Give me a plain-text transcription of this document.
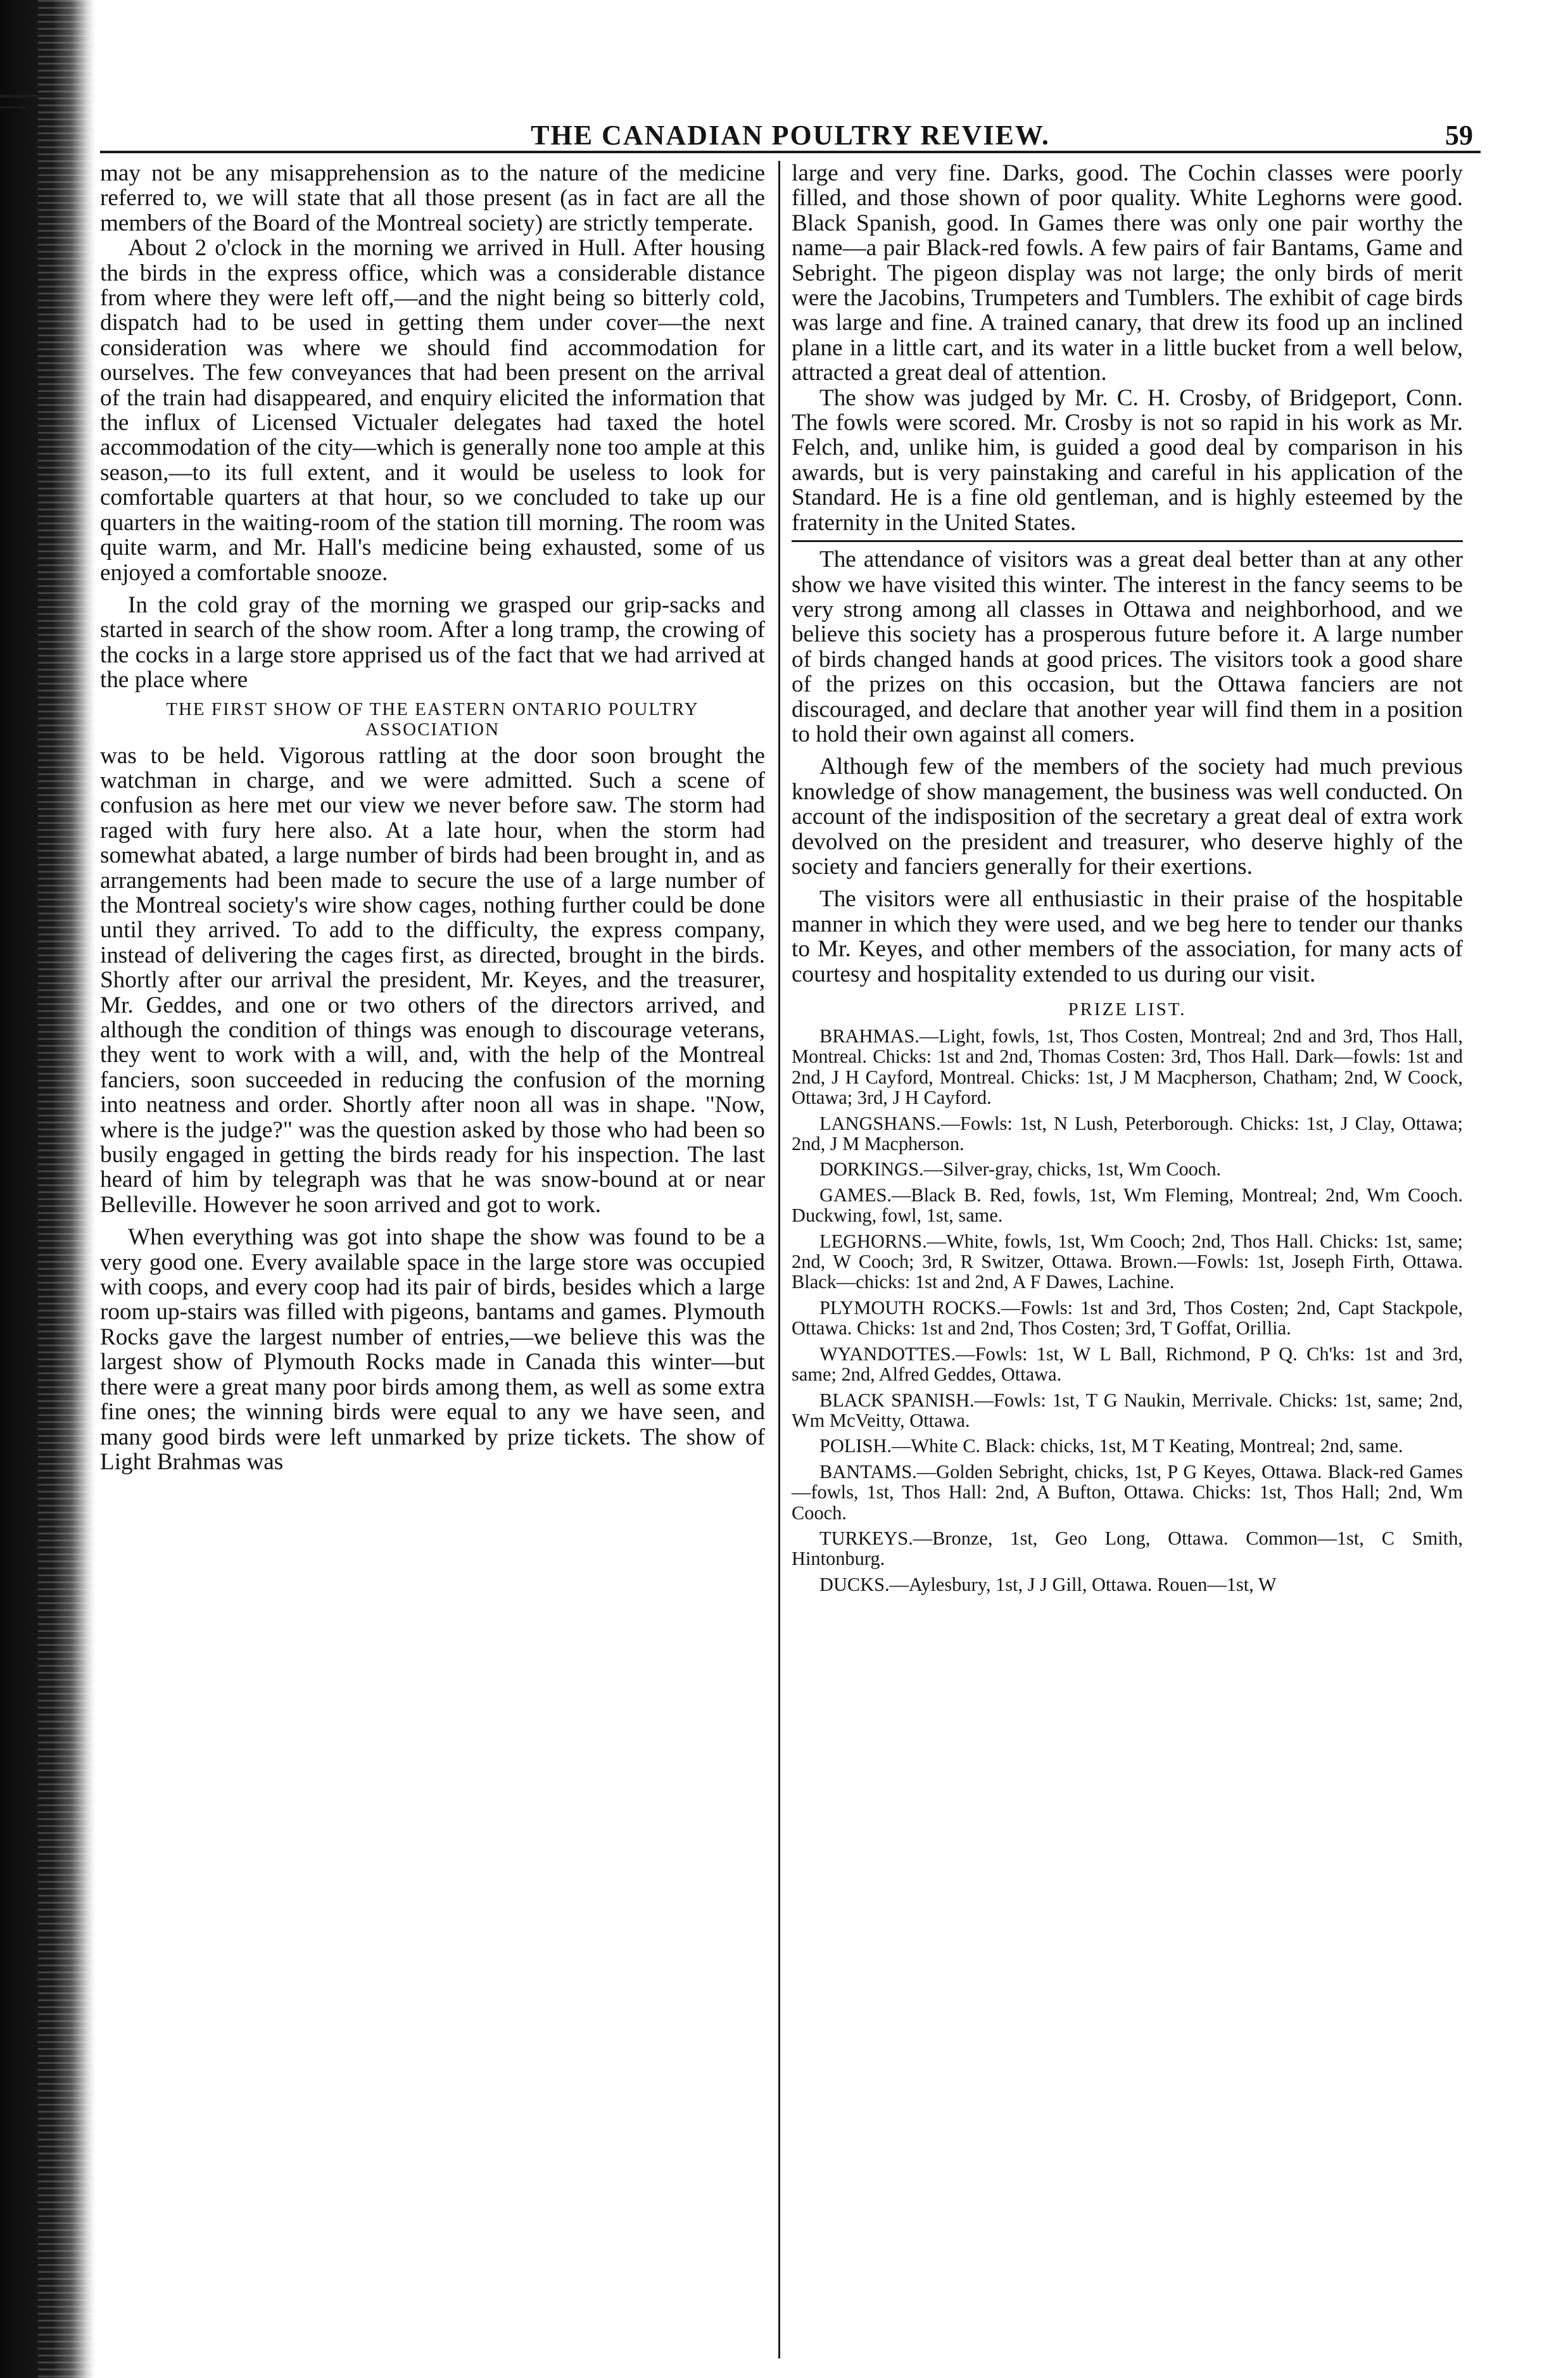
THE CANADIAN POULTRY REVIEW.	59

may not be any misapprehension as to the nature of the medicine referred to, we will state that all those present (as in fact are all the members of the Board of the Montreal society) are strictly temperate.

About 2 o'clock in the morning we arrived in Hull. After housing the birds in the express office, which was a considerable distance from where they were left off,—and the night being so bitterly cold, dispatch had to be used in getting them under cover—the next consideration was where we should find accommodation for ourselves. The few conveyances that had been present on the arrival of the train had disappeared, and enquiry elicited the information that the influx of Licensed Victualer delegates had taxed the hotel accommodation of the city—which is generally none too ample at this season,—to its full extent, and it would be useless to look for comfortable quarters at that hour, so we concluded to take up our quarters in the waiting-room of the station till morning. The room was quite warm, and Mr. Hall's medicine being exhausted, some of us enjoyed a comfortable snooze.

In the cold gray of the morning we grasped our grip-sacks and started in search of the show room. After a long tramp, the crowing of the cocks in a large store apprised us of the fact that we had arrived at the place where

THE FIRST SHOW OF THE EASTERN ONTARIO POULTRY ASSOCIATION

was to be held. Vigorous rattling at the door soon brought the watchman in charge, and we were admitted. Such a scene of confusion as here met our view we never before saw. The storm had raged with fury here also. At a late hour, when the storm had somewhat abated, a large number of birds had been brought in, and as arrangements had been made to secure the use of a large number of the Montreal society's wire show cages, nothing further could be done until they arrived. To add to the difficulty, the express company, instead of delivering the cages first, as directed, brought in the birds. Shortly after our arrival the president, Mr. Keyes, and the treasurer, Mr. Geddes, and one or two others of the directors arrived, and although the condition of things was enough to discourage veterans, they went to work with a will, and, with the help of the Montreal fanciers, soon succeeded in reducing the confusion of the morning into neatness and order. Shortly after noon all was in shape. "Now, where is the judge?" was the question asked by those who had been so busily engaged in getting the birds ready for his inspection. The last heard of him by telegraph was that he was snow-bound at or near Belleville. However he soon arrived and got to work.

When everything was got into shape the show was found to be a very good one. Every available space in the large store was occupied with coops, and every coop had its pair of birds, besides which a large room up-stairs was filled with pigeons, bantams and games. Plymouth Rocks gave the largest number of entries,—we believe this was the largest show of Plymouth Rocks made in Canada this winter—but there were a great many poor birds among them, as well as some extra fine ones; the winning birds were equal to any we have seen, and many good birds were left unmarked by prize tickets. The show of Light Brahmas was

large and very fine. Darks, good. The Cochin classes were poorly filled, and those shown of poor quality. White Leghorns were good. Black Spanish, good. In Games there was only one pair worthy the name—a pair Black-red fowls. A few pairs of fair Bantams, Game and Sebright. The pigeon display was not large; the only birds of merit were the Jacobins, Trumpeters and Tumblers. The exhibit of cage birds was large and fine. A trained canary, that drew its food up an inclined plane in a little cart, and its water in a little bucket from a well below, attracted a great deal of attention.

The show was judged by Mr. C. H. Crosby, of Bridgeport, Conn. The fowls were scored. Mr. Crosby is not so rapid in his work as Mr. Felch, and, unlike him, is guided a good deal by comparison in his awards, but is very painstaking and careful in his application of the Standard. He is a fine old gentleman, and is highly esteemed by the fraternity in the United States.

The attendance of visitors was a great deal better than at any other show we have visited this winter. The interest in the fancy seems to be very strong among all classes in Ottawa and neighborhood, and we believe this society has a prosperous future before it. A large number of birds changed hands at good prices. The visitors took a good share of the prizes on this occasion, but the Ottawa fanciers are not discouraged, and declare that another year will find them in a position to hold their own against all comers.

Although few of the members of the society had much previous knowledge of show management, the business was well conducted. On account of the indisposition of the secretary a great deal of extra work devolved on the president and treasurer, who deserve highly of the society and fanciers generally for their exertions.

The visitors were all enthusiastic in their praise of the hospitable manner in which they were used, and we beg here to tender our thanks to Mr. Keyes, and other members of the association, for many acts of courtesy and hospitality extended to us during our visit.

PRIZE LIST.

BRAHMAS.—Light, fowls, 1st, Thos Costen, Montreal; 2nd and 3rd, Thos Hall, Montreal. Chicks: 1st and 2nd, Thomas Costen: 3rd, Thos Hall. Dark—fowls: 1st and 2nd, J H Cayford, Montreal. Chicks: 1st, J M Macpherson, Chatham; 2nd, W Coock, Ottawa; 3rd, J H Cayford.

LANGSHANS.—Fowls: 1st, N Lush, Peterborough. Chicks: 1st, J Clay, Ottawa; 2nd, J M Macpherson.

DORKINGS.—Silver-gray, chicks, 1st, Wm Cooch.

GAMES.—Black B. Red, fowls, 1st, Wm Fleming, Montreal; 2nd, Wm Cooch. Duckwing, fowl, 1st, same.

LEGHORNS.—White, fowls, 1st, Wm Cooch; 2nd, Thos Hall. Chicks: 1st, same; 2nd, W Cooch; 3rd, R Switzer, Ottawa. Brown.—Fowls: 1st, Joseph Firth, Ottawa. Black—chicks: 1st and 2nd, A F Dawes, Lachine.

PLYMOUTH ROCKS.—Fowls: 1st and 3rd, Thos Costen; 2nd, Capt Stackpole, Ottawa. Chicks: 1st and 2nd, Thos Costen; 3rd, T Goffat, Orillia.

WYANDOTTES.—Fowls: 1st, W L Ball, Richmond, P Q. Ch'ks: 1st and 3rd, same; 2nd, Alfred Geddes, Ottawa.

BLACK SPANISH.—Fowls: 1st, T G Naukin, Merrivale. Chicks: 1st, same; 2nd, Wm McVeitty, Ottawa.

POLISH.—White C. Black: chicks, 1st, M T Keating, Montreal; 2nd, same.

BANTAMS.—Golden Sebright, chicks, 1st, P G Keyes, Ottawa. Black-red Games—fowls, 1st, Thos Hall: 2nd, A Bufton, Ottawa. Chicks: 1st, Thos Hall; 2nd, Wm Cooch.

TURKEYS.—Bronze, 1st, Geo Long, Ottawa. Common—1st, C Smith, Hintonburg.

DUCKS.—Aylesbury, 1st, J J Gill, Ottawa. Rouen—1st, W
